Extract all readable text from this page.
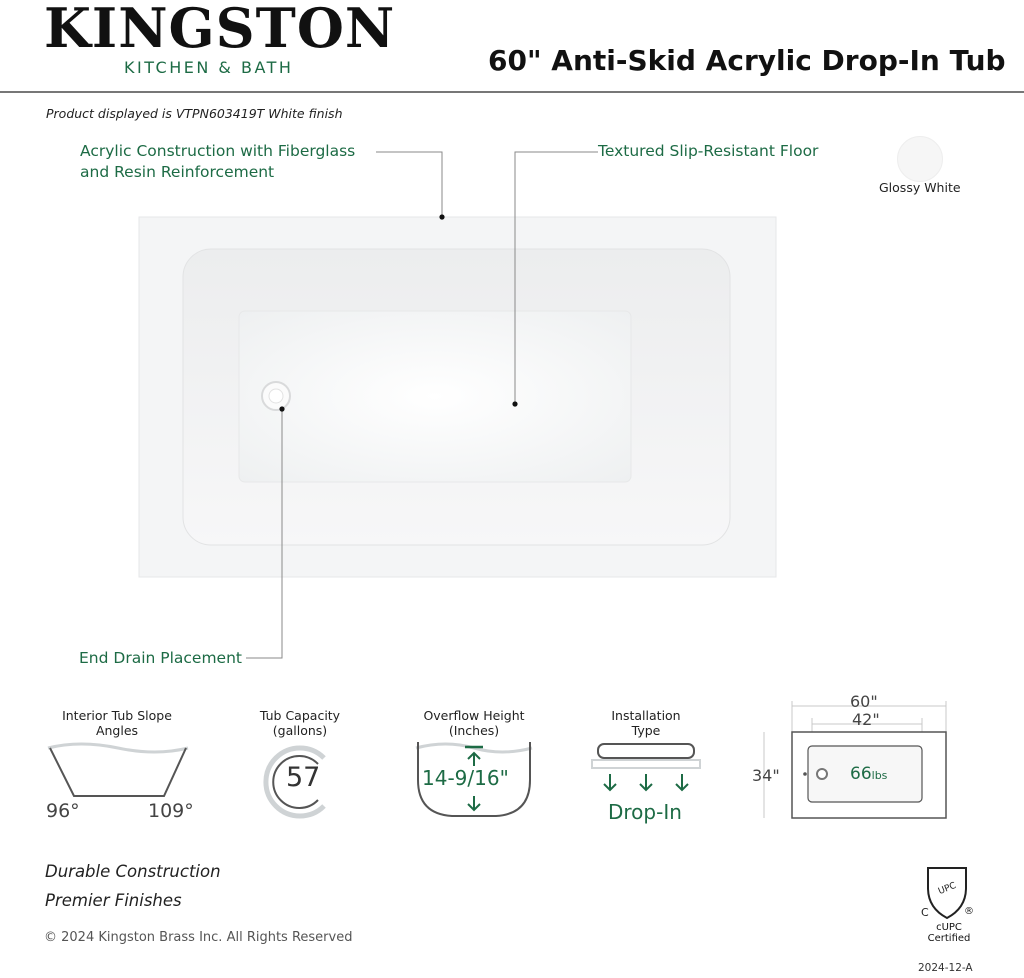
KINGSTON
KITCHEN & BATH	60" Anti-Skid Acrylic Drop-In Tub
Product displayed is VTPN603419T White finish
Acrylic Construction with Fiberglass
and Resin Reinforcement
Textured Slip-Resistant Floor
End Drain Placement
Glossy White
Interior Tub Slope
Angles
96°	109°
Tub Capacity
(gallons)
57
Overflow Height
(Inches)
14-9/16"
Installation
Type
Drop-In
60"
42"
34"	66lbs
Durable Construction
Premier Finishes
© 2024 Kingston Brass Inc. All Rights Reserved
UPC
C	®
cUPC
Certified
2024-12-A
